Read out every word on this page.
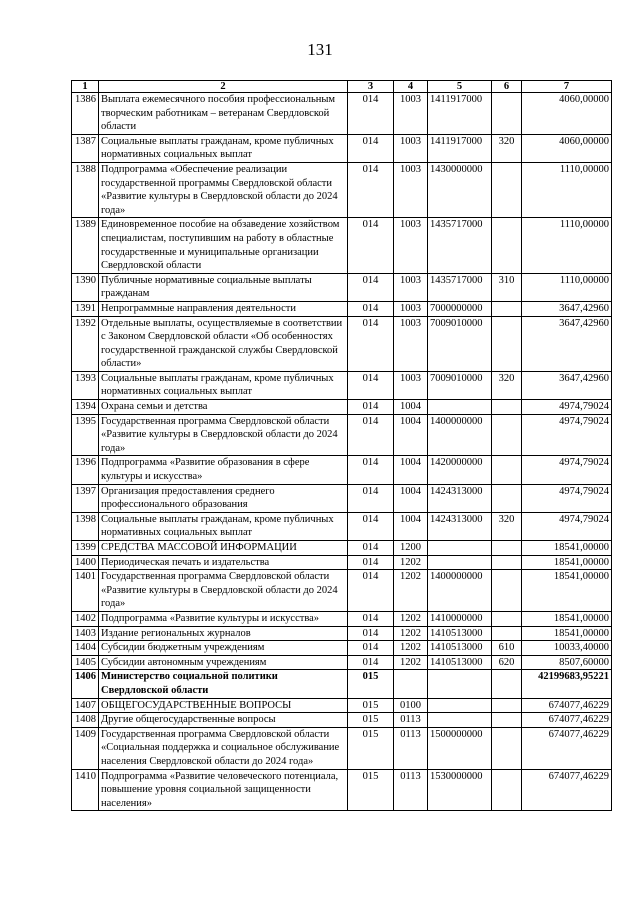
131
1	2	3	4	5	6	7
1386	Выплата ежемесячного пособия профессиональным творческим работникам – ветеранам Свердловской области	014	1003	1411917000		4060,00000
1387	Социальные выплаты гражданам, кроме публичных нормативных социальных выплат	014	1003	1411917000	320	4060,00000
1388	Подпрограмма «Обеспечение реализации государственной программы Свердловской области «Развитие культуры в Свердловской области до 2024 года»	014	1003	1430000000		1110,00000
1389	Единовременное пособие на обзаведение хозяйством специалистам, поступившим на работу в областные государственные и муниципальные организации Свердловской области	014	1003	1435717000		1110,00000
1390	Публичные нормативные социальные выплаты гражданам	014	1003	1435717000	310	1110,00000
1391	Непрограммные направления деятельности	014	1003	7000000000		3647,42960
1392	Отдельные выплаты, осуществляемые в соответствии с Законом Свердловской области «Об особенностях государственной гражданской службы Свердловской области»	014	1003	7009010000		3647,42960
1393	Социальные выплаты гражданам, кроме публичных нормативных социальных выплат	014	1003	7009010000	320	3647,42960
1394	Охрана семьи и детства	014	1004			4974,79024
1395	Государственная программа Свердловской области «Развитие культуры в Свердловской области до 2024 года»	014	1004	1400000000		4974,79024
1396	Подпрограмма «Развитие образования в сфере культуры и искусства»	014	1004	1420000000		4974,79024
1397	Организация предоставления среднего профессионального образования	014	1004	1424313000		4974,79024
1398	Социальные выплаты гражданам, кроме публичных нормативных социальных выплат	014	1004	1424313000	320	4974,79024
1399	СРЕДСТВА МАССОВОЙ ИНФОРМАЦИИ	014	1200			18541,00000
1400	Периодическая печать и издательства	014	1202			18541,00000
1401	Государственная программа Свердловской области «Развитие культуры в Свердловской области до 2024 года»	014	1202	1400000000		18541,00000
1402	Подпрограмма «Развитие культуры и искусства»	014	1202	1410000000		18541,00000
1403	Издание региональных журналов	014	1202	1410513000		18541,00000
1404	Субсидии бюджетным учреждениям	014	1202	1410513000	610	10033,40000
1405	Субсидии автономным учреждениям	014	1202	1410513000	620	8507,60000
1406	Министерство социальной политики Свердловской области	015				42199683,95221
1407	ОБЩЕГОСУДАРСТВЕННЫЕ ВОПРОСЫ	015	0100			674077,46229
1408	Другие общегосударственные вопросы	015	0113			674077,46229
1409	Государственная программа Свердловской области «Социальная поддержка и социальное обслуживание населения Свердловской области до 2024 года»	015	0113	1500000000		674077,46229
1410	Подпрограмма «Развитие человеческого потенциала, повышение уровня социальной защищенности населения»	015	0113	1530000000		674077,46229
